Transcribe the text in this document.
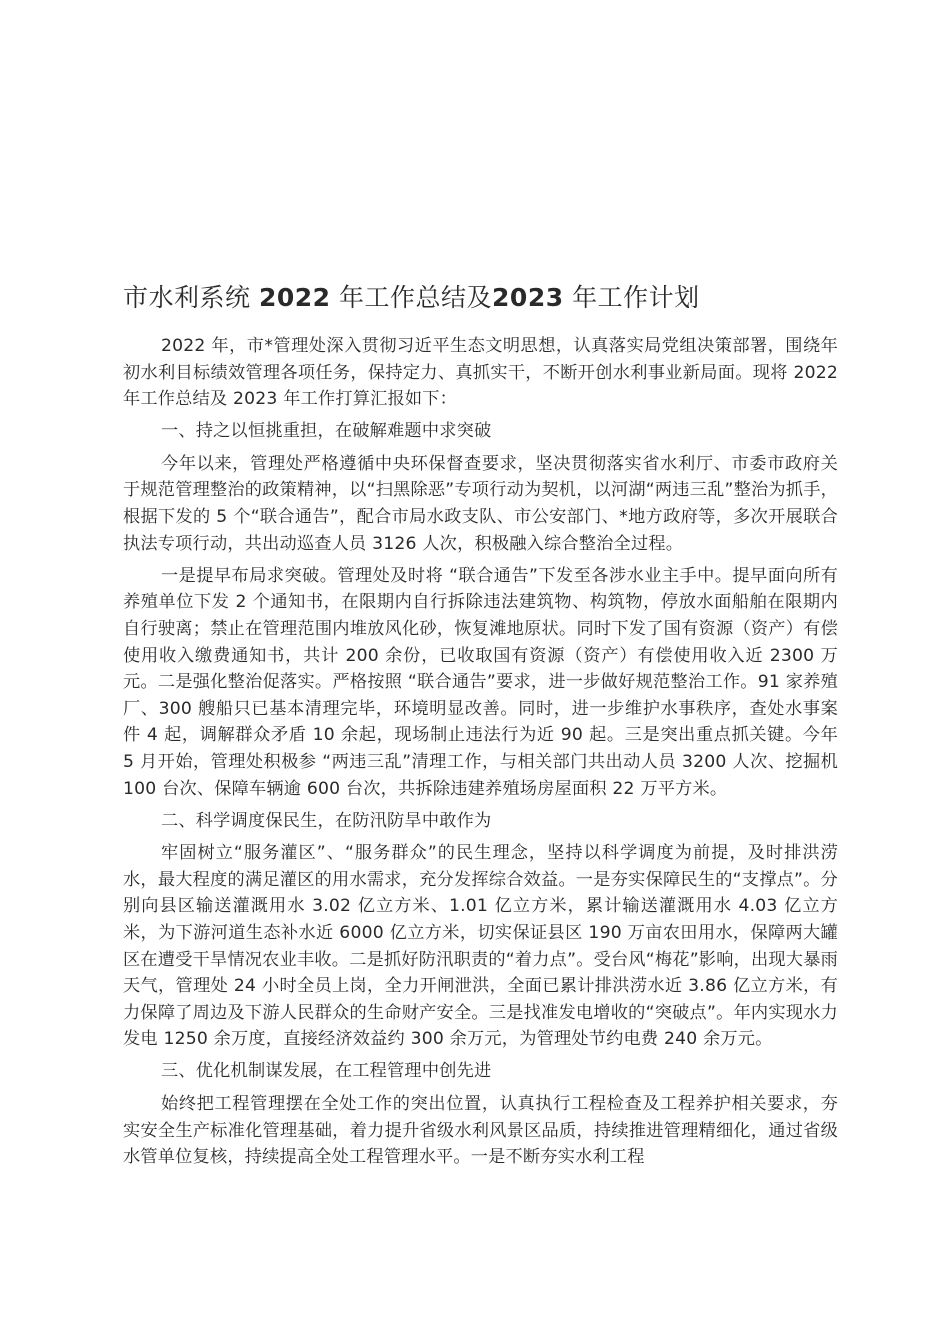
市水利系统 2022 年工作总结及2023 年工作计划

2022 年，市*管理处深入贯彻习近平生态文明思想，认真落实局党组决策部署，围绕年初水利目标绩效管理各项任务，保持定力、真抓实干，不断开创水利事业新局面。现将 2022 年工作总结及 2023 年工作打算汇报如下：

一、持之以恒挑重担，在破解难题中求突破

今年以来，管理处严格遵循中央环保督查要求，坚决贯彻落实省水利厅、市委市政府关于规范管理整治的政策精神，以“扫黑除恶”专项行动为契机，以河湖“两违三乱”整治为抓手，根据下发的 5 个“联合通告”，配合市局水政支队、市公安部门、*地方政府等，多次开展联合执法专项行动，共出动巡查人员 3126 人次，积极融入综合整治全过程。

一是提早布局求突破。管理处及时将 “联合通告”下发至各涉水业主手中。提早面向所有养殖单位下发 2 个通知书，在限期内自行拆除违法建筑物、构筑物，停放水面船舶在限期内自行驶离；禁止在管理范围内堆放风化砂，恢复滩地原状。同时下发了国有资源（资产）有偿使用收入缴费通知书，共计 200 余份，已收取国有资源（资产）有偿使用收入近 2300 万元。二是强化整治促落实。严格按照 “联合通告”要求，进一步做好规范整治工作。91 家养殖厂、300 艘船只已基本清理完毕，环境明显改善。同时，进一步维护水事秩序，查处水事案件 4 起，调解群众矛盾 10 余起，现场制止违法行为近 90 起。三是突出重点抓关键。今年 5 月开始，管理处积极参 “两违三乱”清理工作，与相关部门共出动人员 3200 人次、挖掘机 100 台次、保障车辆逾 600 台次，共拆除违建养殖场房屋面积 22 万平方米。

二、科学调度保民生，在防汛防旱中敢作为

牢固树立“服务灌区”、“服务群众”的民生理念，坚持以科学调度为前提，及时排洪涝水，最大程度的满足灌区的用水需求，充分发挥综合效益。一是夯实保障民生的“支撑点”。分别向县区输送灌溉用水 3.02 亿立方米、1.01 亿立方米，累计输送灌溉用水 4.03 亿立方米，为下游河道生态补水近 6000 亿立方米，切实保证县区 190 万亩农田用水，保障两大罐区在遭受干旱情况农业丰收。二是抓好防汛职责的“着力点”。受台风“梅花”影响，出现大暴雨天气，管理处 24 小时全员上岗，全力开闸泄洪，全面已累计排洪涝水近 3.86 亿立方米，有力保障了周边及下游人民群众的生命财产安全。三是找准发电增收的“突破点”。年内实现水力发电 1250 余万度，直接经济效益约 300 余万元，为管理处节约电费 240 余万元。

三、优化机制谋发展，在工程管理中创先进

始终把工程管理摆在全处工作的突出位置，认真执行工程检查及工程养护相关要求，夯实安全生产标准化管理基础，着力提升省级水利风景区品质，持续推进管理精细化，通过省级水管单位复核，持续提高全处工程管理水平。一是不断夯实水利工程
